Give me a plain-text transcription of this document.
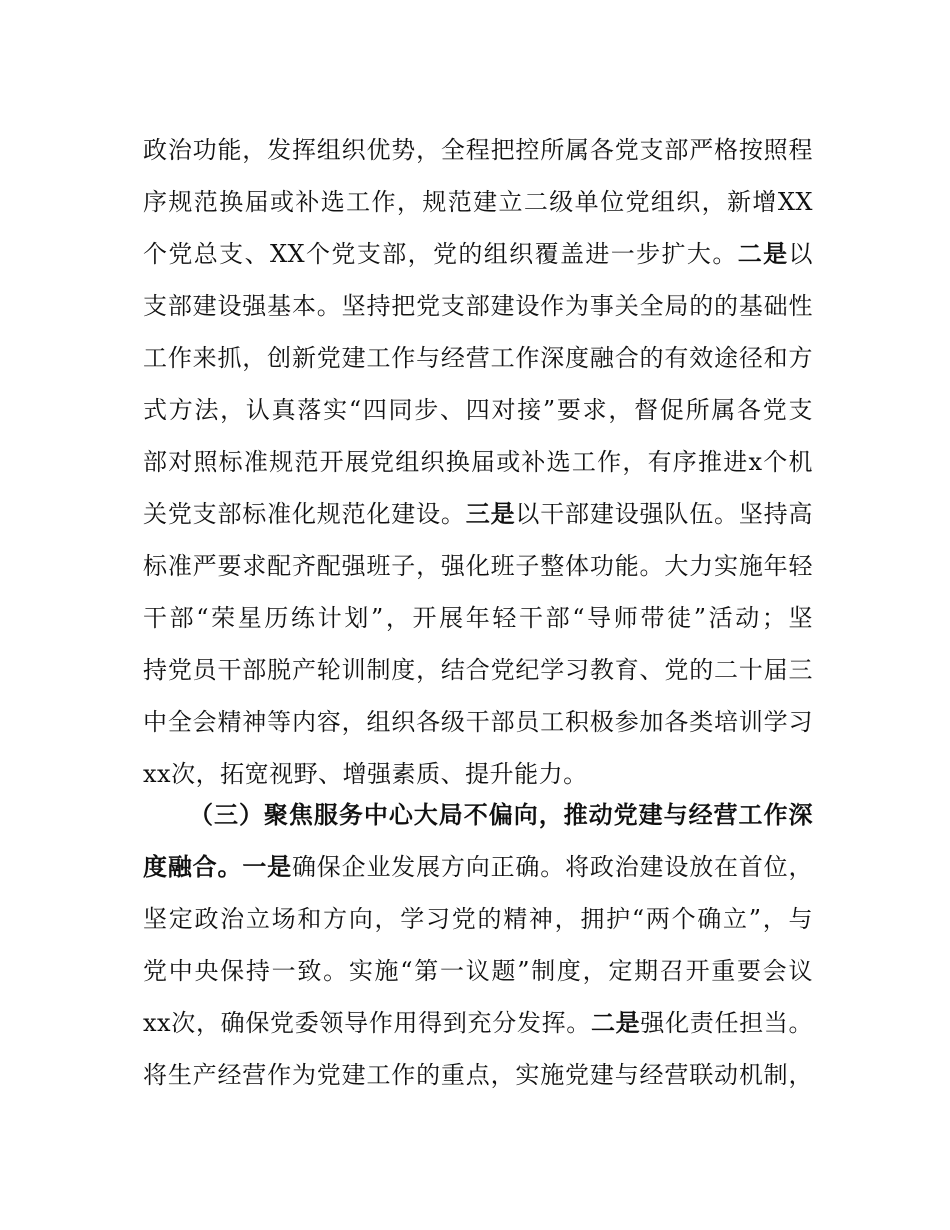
政治功能，发挥组织优势，全程把控所属各党支部严格按照程
序规范换届或补选工作，规范建立二级单位党组织，新增XX
个党总支、XX个党支部，党的组织覆盖进一步扩大。二是以
支部建设强基本。坚持把党支部建设作为事关全局的的基础性
工作来抓，创新党建工作与经营工作深度融合的有效途径和方
式方法，认真落实“四同步、四对接”要求，督促所属各党支
部对照标准规范开展党组织换届或补选工作，有序推进x个机
关党支部标准化规范化建设。三是以干部建设强队伍。坚持高
标准严要求配齐配强班子，强化班子整体功能。大力实施年轻
干部“荣星历练计划”，开展年轻干部“导师带徒”活动；坚
持党员干部脱产轮训制度，结合党纪学习教育、党的二十届三
中全会精神等内容，组织各级干部员工积极参加各类培训学习
xx次，拓宽视野、增强素质、提升能力。
（三）聚焦服务中心大局不偏向，推动党建与经营工作深
度融合。一是确保企业发展方向正确。将政治建设放在首位，
坚定政治立场和方向，学习党的精神，拥护“两个确立”，与
党中央保持一致。实施“第一议题”制度，定期召开重要会议
xx次，确保党委领导作用得到充分发挥。二是强化责任担当。
将生产经营作为党建工作的重点，实施党建与经营联动机制，
